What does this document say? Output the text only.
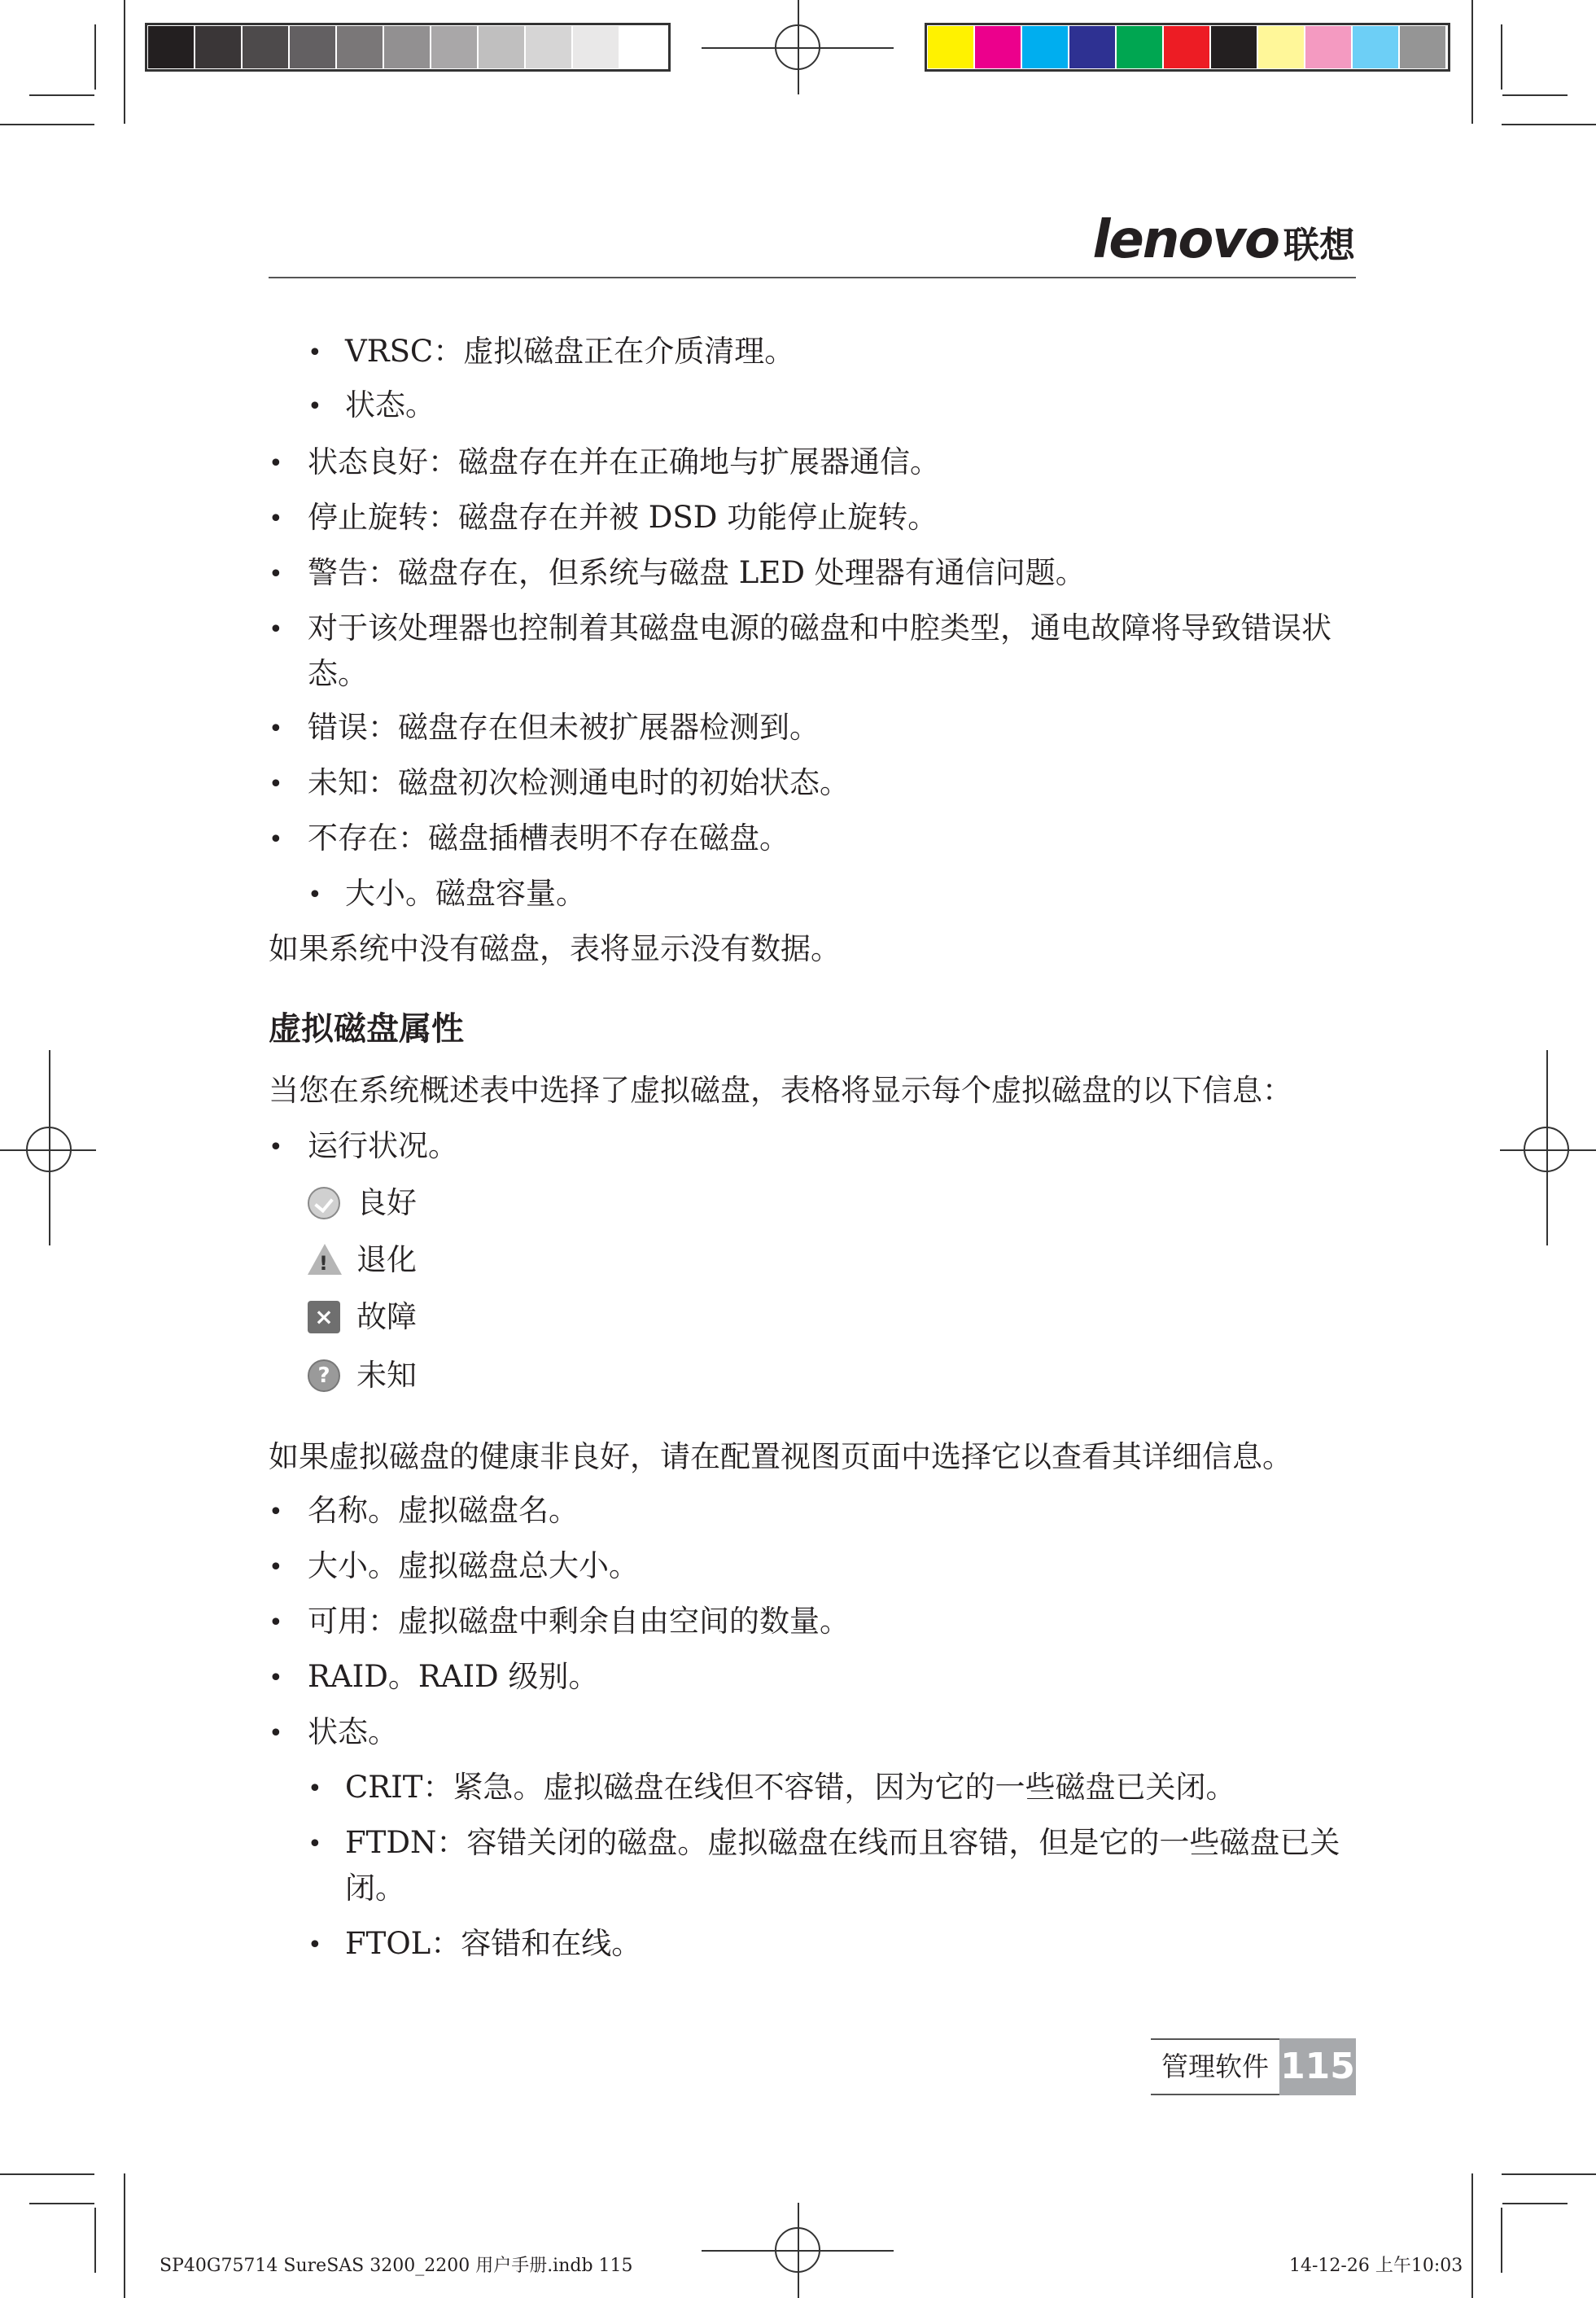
lenovo 联想
• VRSC：虚拟磁盘正在介质清理。
• 状态。
• 状态良好：磁盘存在并在正确地与扩展器通信。
• 停止旋转：磁盘存在并被 DSD 功能停止旋转。
• 警告：磁盘存在，但系统与磁盘 LED 处理器有通信问题。
• 对于该处理器也控制着其磁盘电源的磁盘和中腔类型，通电故障将导致错误状
态。
• 错误：磁盘存在但未被扩展器检测到。
• 未知：磁盘初次检测通电时的初始状态。
• 不存在：磁盘插槽表明不存在磁盘。
• 大小。磁盘容量。
如果系统中没有磁盘，表将显示没有数据。
虚拟磁盘属性
当您在系统概述表中选择了虚拟磁盘，表格将显示每个虚拟磁盘的以下信息：
• 运行状况。
良好
! 退化
× 故障
? 未知
如果虚拟磁盘的健康非良好，请在配置视图页面中选择它以查看其详细信息。
• 名称。虚拟磁盘名。
• 大小。虚拟磁盘总大小。
• 可用：虚拟磁盘中剩余自由空间的数量。
• RAID。RAID 级别。
• 状态。
• CRIT：紧急。虚拟磁盘在线但不容错，因为它的一些磁盘已关闭。
• FTDN：容错关闭的磁盘。虚拟磁盘在线而且容错，但是它的一些磁盘已关
闭。
• FTOL：容错和在线。
管理软件 115
SP40G75714 SureSAS 3200_2200 用户手册.indb 115	14-12-26 上午10:03
